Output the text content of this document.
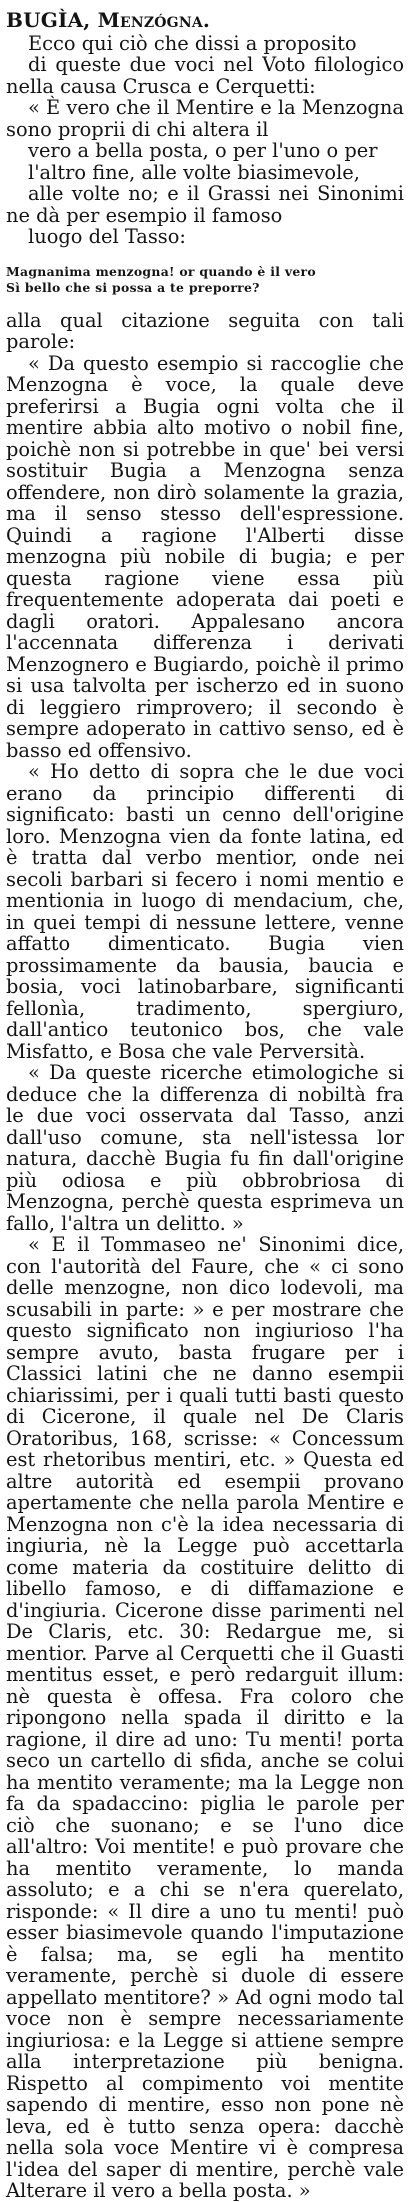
BUGÌA, Menzógna.

Ecco qui ciò che dissi a proposito
di queste due voci nel Voto filologico nella causa Crusca e Cerquetti:
« È vero che il Mentire e la Menzogna sono proprii di chi altera il
vero a bella posta, o per l'uno o per
l'altro fine, alle volte biasimevole,
alle volte no; e il Grassi nei Sinonimi ne dà per esempio il famoso
luogo del Tasso:

Magnanima menzogna! or quando è il vero
Sì bello che si possa a te preporre?

alla qual citazione seguita con tali parole:

« Da questo esempio si raccoglie che Menzogna è voce, la quale deve preferirsi a Bugia ogni volta che il mentire abbia alto motivo o nobil fine, poichè non si potrebbe in que' bei versi sostituir Bugia a Menzogna senza offendere, non dirò solamente la grazia, ma il senso stesso dell'espressione. Quindi a ragione l'Alberti disse menzogna più nobile di bugia; e per questa ragione viene essa più frequentemente adoperata dai poeti e dagli oratori. Appalesano ancora l'accennata differenza i derivati Menzognero e Bugiardo, poichè il primo si usa talvolta per ischerzo ed in suono di leggiero rimprovero; il secondo è sempre adoperato in cattivo senso, ed è basso ed offensivo.

« Ho detto di sopra che le due voci erano da principio differenti di significato: basti un cenno dell'origine loro. Menzogna vien da fonte latina, ed è tratta dal verbo mentior, onde nei secoli barbari si fecero i nomi mentio e mentionia in luogo di mendacium, che, in quei tempi di nessune lettere, venne affatto dimenticato. Bugia vien prossimamente da bausia, baucia e bosia, voci latinobarbare, significanti fellonìa, tradimento, spergiuro, dall'antico teutonico bos, che vale Misfatto, e Bosa che vale Perversità.

« Da queste ricerche etimologiche si deduce che la differenza di nobiltà fra le due voci osservata dal Tasso, anzi dall'uso comune, sta nell'istessa lor natura, dacchè Bugia fu fin dall'origine più odiosa e più obbrobriosa di Menzogna, perchè questa esprimeva un fallo, l'altra un delitto. »

« E il Tommaseo ne' Sinonimi dice, con l'autorità del Faure, che « ci sono delle menzogne, non dico lodevoli, ma scusabili in parte: » e per mostrare che questo significato non ingiurioso l'ha sempre avuto, basta frugare per i Classici latini che ne danno esempii chiarissimi, per i quali tutti basti questo di Cicerone, il quale nel De Claris Oratoribus, 168, scrisse: « Concessum est rhetoribus mentiri, etc. » Questa ed altre autorità ed esempii provano apertamente che nella parola Mentire e Menzogna non c'è la idea necessaria di ingiuria, nè la Legge può accettarla come materia da costituire delitto di libello famoso, e di diffamazione e d'ingiuria. Cicerone disse parimenti nel De Claris, etc. 30: Redargue me, si mentior. Parve al Cerquetti che il Guasti mentitus esset, e però redarguit illum: nè questa è offesa. Fra coloro che ripongono nella spada il diritto e la ragione, il dire ad uno: Tu menti! porta seco un cartello di sfida, anche se colui ha mentito veramente; ma la Legge non fa da spadaccino: piglia le parole per ciò che suonano; e se l'uno dice all'altro: Voi mentite! e può provare che ha mentito veramente, lo manda assoluto; e a chi se n'era querelato, risponde: « Il dire a uno tu menti! può esser biasimevole quando l'imputazione è falsa; ma, se egli ha mentito veramente, perchè si duole di essere appellato mentitore? » Ad ogni modo tal voce non è sempre necessariamente ingiuriosa: e la Legge si attiene sempre alla interpretazione più benigna. Rispetto al compimento voi mentite sapendo di mentire, esso non pone nè leva, ed è tutto senza opera: dacchè nella sola voce Mentire vi è compresa l'idea del saper di mentire, perchè vale Alterare il vero a bella posta. »
